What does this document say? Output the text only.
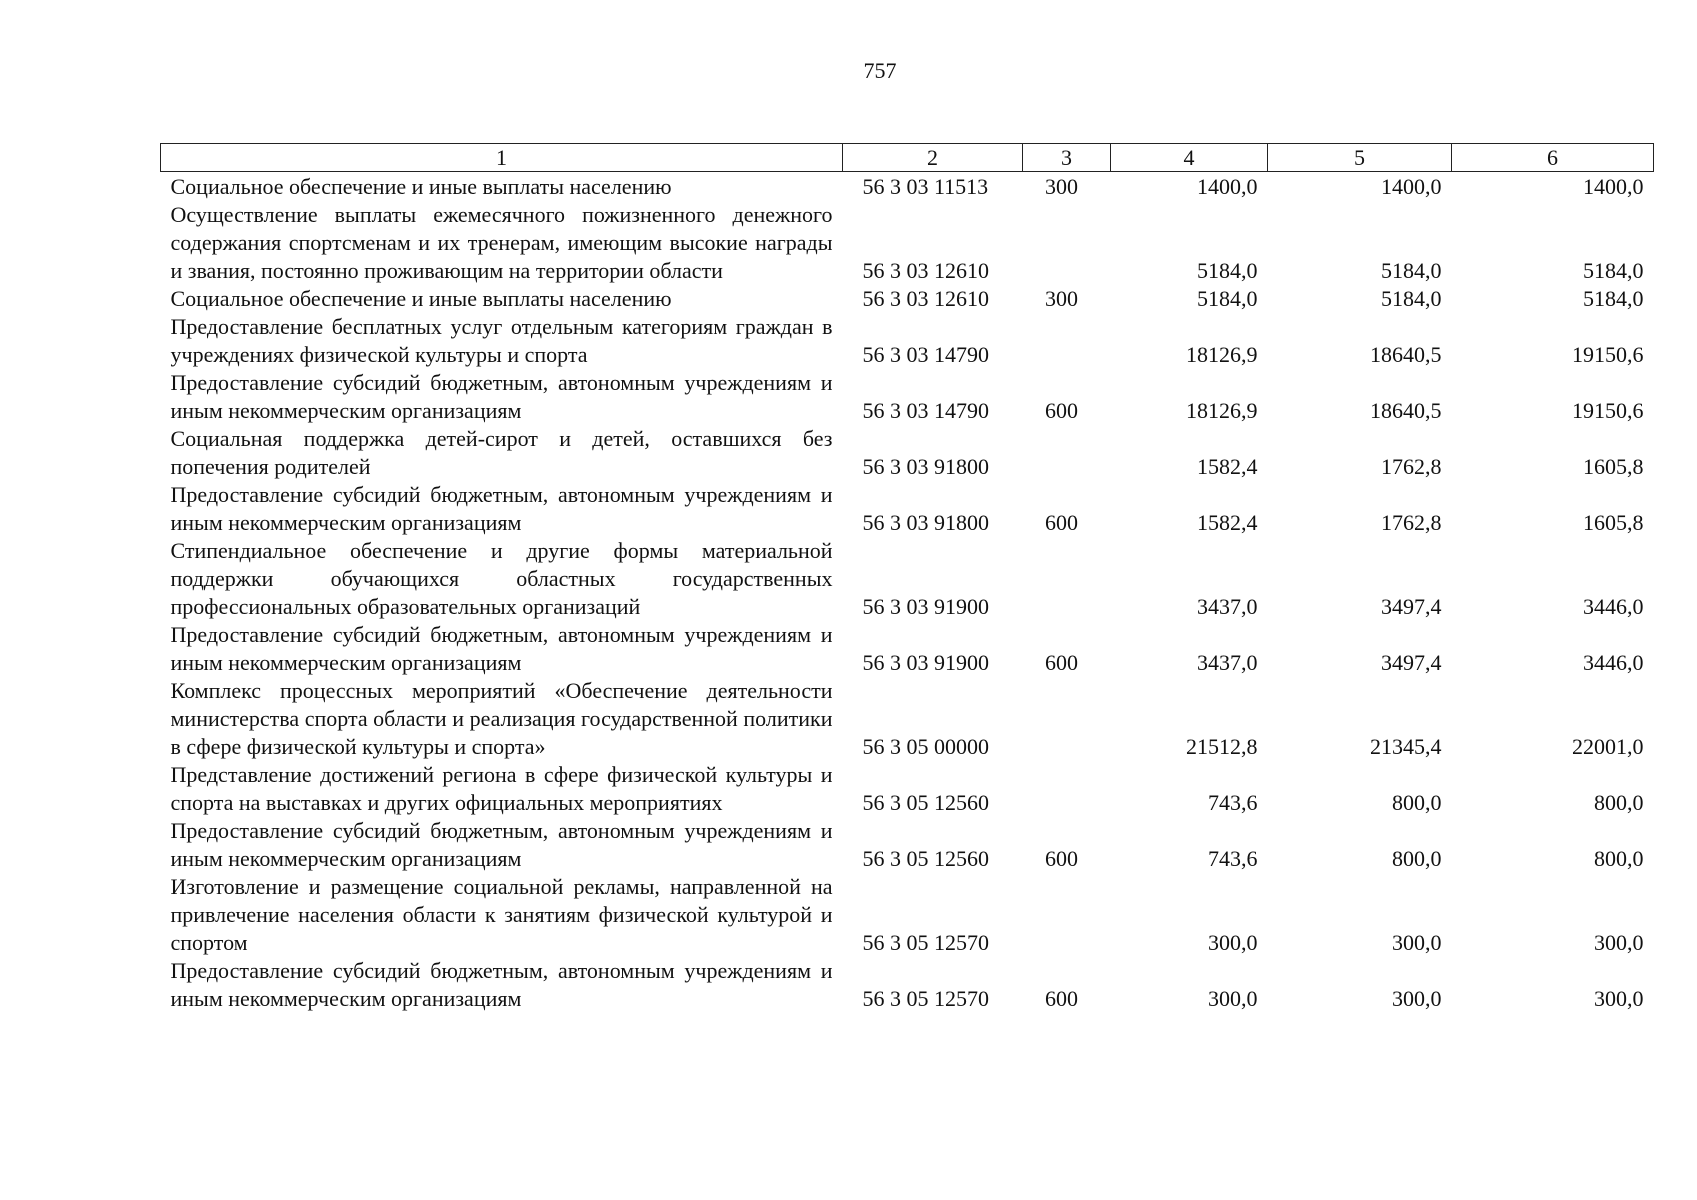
757
1	2	3	4	5	6
Социальное обеспечение и иные выплаты населению	56 3 03 11513	300	1400,0	1400,0	1400,0
Осуществление выплаты ежемесячного пожизненного денежного содержания спортсменам и их тренерам, имеющим высокие награды и звания, постоянно проживающим на территории области	56 3 03 12610		5184,0	5184,0	5184,0
Социальное обеспечение и иные выплаты населению	56 3 03 12610	300	5184,0	5184,0	5184,0
Предоставление бесплатных услуг отдельным категориям граждан в учреждениях физической культуры и спорта	56 3 03 14790		18126,9	18640,5	19150,6
Предоставление субсидий бюджетным, автономным учреждениям и иным некоммерческим организациям	56 3 03 14790	600	18126,9	18640,5	19150,6
Социальная поддержка детей-сирот и детей, оставшихся без попечения родителей	56 3 03 91800		1582,4	1762,8	1605,8
Предоставление субсидий бюджетным, автономным учреждениям и иным некоммерческим организациям	56 3 03 91800	600	1582,4	1762,8	1605,8
Стипендиальное обеспечение и другие формы материальной поддержки обучающихся областных государственных профессиональных образовательных организаций	56 3 03 91900		3437,0	3497,4	3446,0
Предоставление субсидий бюджетным, автономным учреждениям и иным некоммерческим организациям	56 3 03 91900	600	3437,0	3497,4	3446,0
Комплекс процессных мероприятий «Обеспечение деятельности министерства спорта области и реализация государственной политики в сфере физической культуры и спорта»	56 3 05 00000		21512,8	21345,4	22001,0
Представление достижений региона в сфере физической культуры и спорта на выставках и других официальных мероприятиях	56 3 05 12560		743,6	800,0	800,0
Предоставление субсидий бюджетным, автономным учреждениям и иным некоммерческим организациям	56 3 05 12560	600	743,6	800,0	800,0
Изготовление и размещение социальной рекламы, направленной на привлечение населения области к занятиям физической культурой и спортом	56 3 05 12570		300,0	300,0	300,0
Предоставление субсидий бюджетным, автономным учреждениям и иным некоммерческим организациям	56 3 05 12570	600	300,0	300,0	300,0
